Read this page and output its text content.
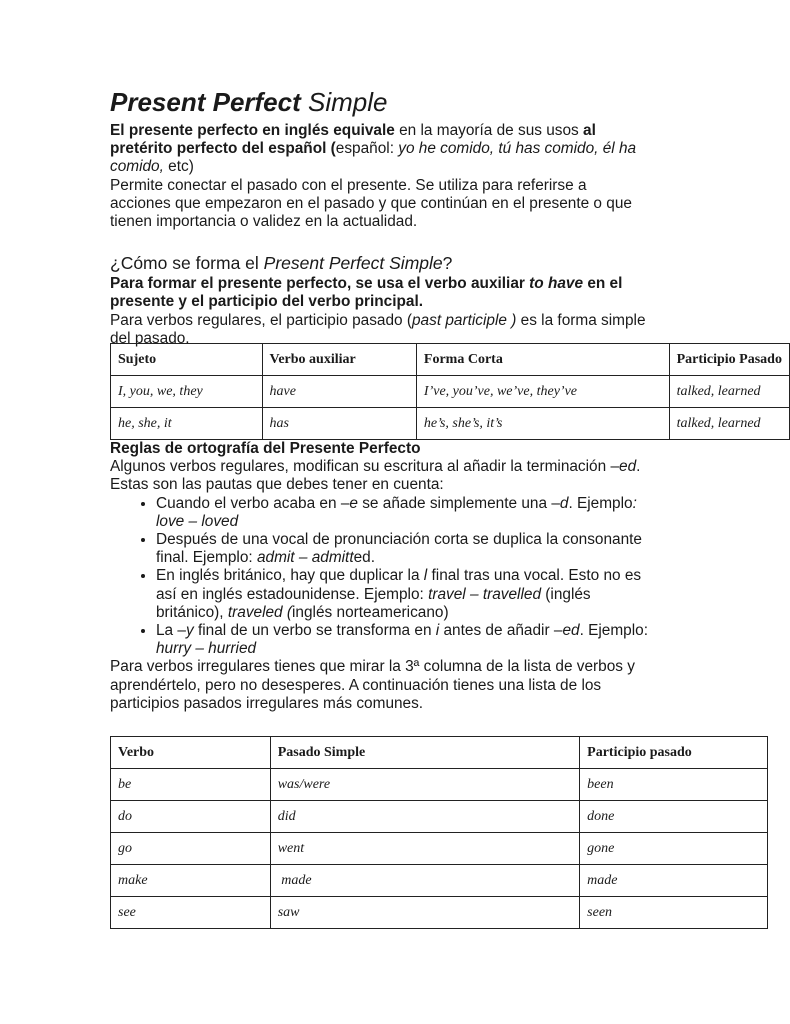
Present Perfect Simple

El presente perfecto en inglés equivale en la mayoría de sus usos al pretérito perfecto del español (español: yo he comido, tú has comido, él ha comido, etc)

Permite conectar el pasado con el presente. Se utiliza para referirse a acciones que empezaron en el pasado y que continúan en el presente o que tienen importancia o validez en la actualidad.

¿Cómo se forma el Present Perfect Simple?

Para formar el presente perfecto, se usa el verbo auxiliar to have en el presente y el participio del verbo principal.

Para verbos regulares, el participio pasado (past participle ) es la forma simple del pasado.

Sujeto	Verbo auxiliar	Forma Corta	Participio Pasado
I, you, we, they	have	I’ve, you’ve, we’ve, they’ve	talked, learned
he, she, it	has	he’s, she’s, it’s	talked, learned
Reglas de ortografía del Presente Perfecto

Algunos verbos regulares, modifican su escritura al añadir la terminación –ed. Estas son las pautas que debes tener en cuenta:

• Cuando el verbo acaba en –e se añade simplemente una –d. Ejemplo: love – loved
• Después de una vocal de pronunciación corta se duplica la consonante final. Ejemplo: admit – admitted.
• En inglés británico, hay que duplicar la l final tras una vocal. Esto no es así en inglés estadounidense. Ejemplo: travel – travelled (inglés británico), traveled (inglés norteamericano)
• La –y final de un verbo se transforma en i antes de añadir –ed. Ejemplo: hurry – hurried

Para verbos irregulares tienes que mirar la 3ª columna de la lista de verbos y aprendértelo, pero no desesperes. A continuación tienes una lista de los participios pasados irregulares más comunes.

Verbo	Pasado Simple	Participio pasado
be	was/were	been
do	did	done
go	went	gone
make	made	made
see	saw	seen
